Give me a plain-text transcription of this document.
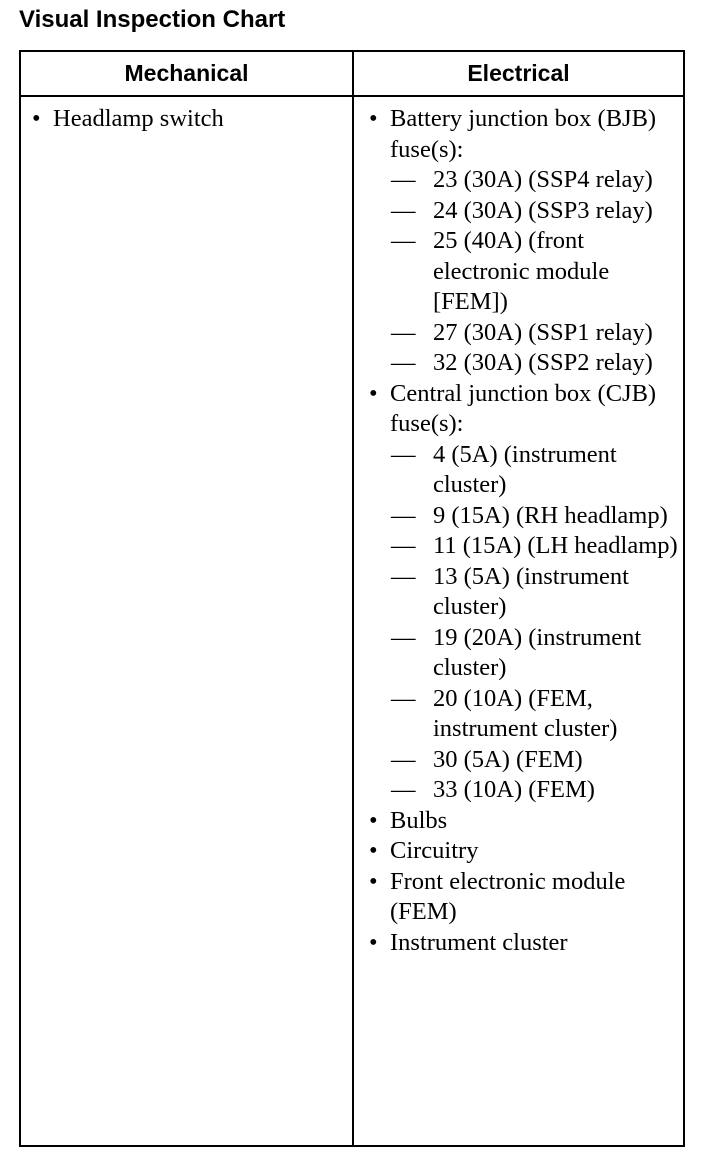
Visual Inspection Chart
Mechanical	Electrical
• Headlamp switch	• Battery junction box (BJB) fuse(s):
— 23 (30A) (SSP4 relay)
— 24 (30A) (SSP3 relay)
— 25 (40A) (front electronic module [FEM])
— 27 (30A) (SSP1 relay)
— 32 (30A) (SSP2 relay)
• Central junction box (CJB) fuse(s):
— 4 (5A) (instrument cluster)
— 9 (15A) (RH headlamp)
— 11 (15A) (LH headlamp)
— 13 (5A) (instrument cluster)
— 19 (20A) (instrument cluster)
— 20 (10A) (FEM, instrument cluster)
— 30 (5A) (FEM)
— 33 (10A) (FEM)
• Bulbs
• Circuitry
• Front electronic module (FEM)
• Instrument cluster
